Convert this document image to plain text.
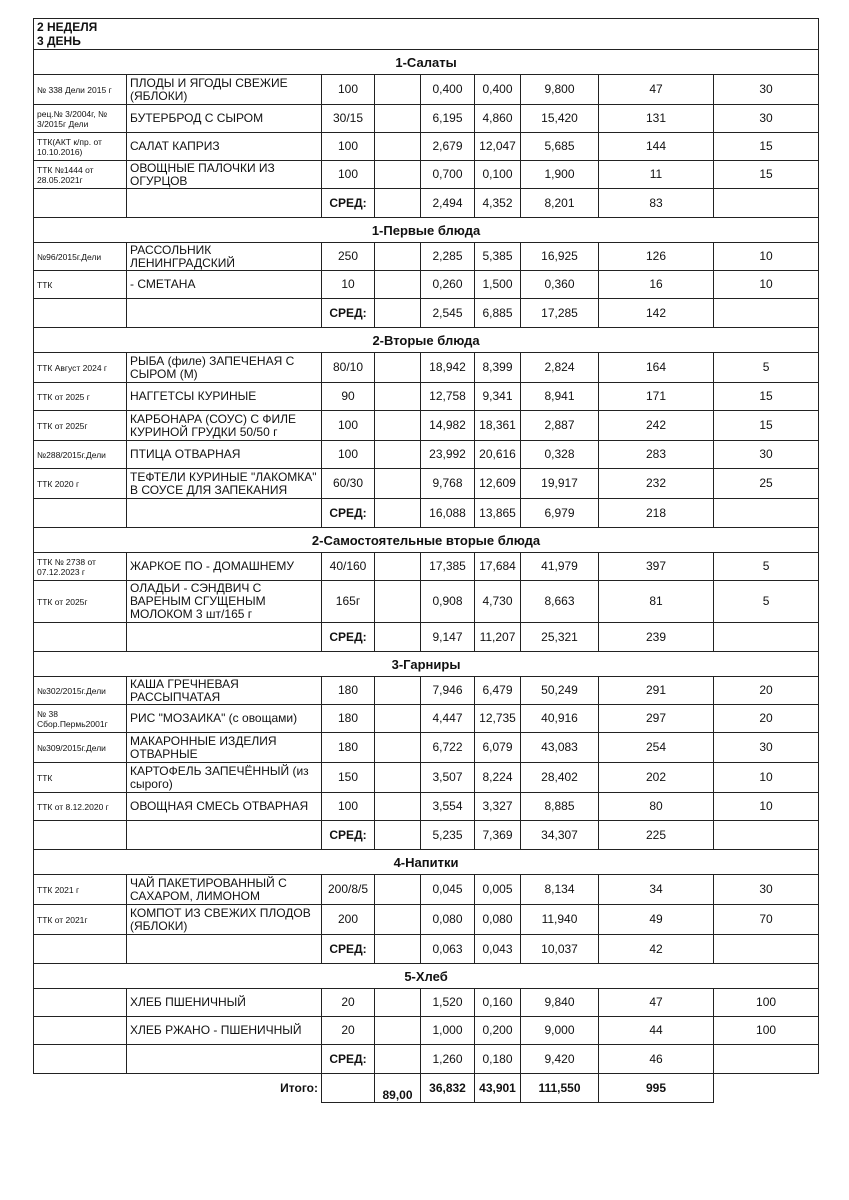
2 НЕДЕЛЯ
3 ДЕНЬ								

1-Салаты								
№ 338 Дели 2015 г	ПЛОДЫ И ЯГОДЫ СВЕЖИЕ (ЯБЛОКИ)	100		0,400	0,400	9,800	47	30
рец.№ 3/2004г, № 3/2015г Дели	БУТЕРБРОД С СЫРОМ	30/15		6,195	4,860	15,420	131	30
ТТК(АКТ к/пр. от 10.10.2016)	САЛАТ КАПРИЗ	100		2,679	12,047	5,685	144	15
ТТК №1444 от 28.05.2021г	ОВОЩНЫЕ ПАЛОЧКИ ИЗ ОГУРЦОВ	100		0,700	0,100	1,900	11	15
		СРЕД:		2,494	4,352	8,201	83	
1-Первые блюда								
№96/2015г.Дели	РАССОЛЬНИК ЛЕНИНГРАДСКИЙ	250		2,285	5,385	16,925	126	10
ТТК	- СМЕТАНА	10		0,260	1,500	0,360	16	10
		СРЕД:		2,545	6,885	17,285	142	
2-Вторые блюда								
ТТК Август 2024 г	РЫБА (филе) ЗАПЕЧЕНАЯ С СЫРОМ (М)	80/10		18,942	8,399	2,824	164	5
ТТК от 2025 г	НАГГЕТСЫ КУРИНЫЕ	90		12,758	9,341	8,941	171	15
ТТК от 2025г	КАРБОНАРА (СОУС) С ФИЛЕ КУРИНОЙ ГРУДКИ 50/50 г	100		14,982	18,361	2,887	242	15
№288/2015г.Дели	ПТИЦА ОТВАРНАЯ	100		23,992	20,616	0,328	283	30
ТТК 2020 г	ТЕФТЕЛИ КУРИНЫЕ "ЛАКОМКА" В СОУСЕ ДЛЯ ЗАПЕКАНИЯ	60/30		9,768	12,609	19,917	232	25
		СРЕД:		16,088	13,865	6,979	218	
2-Самостоятельные вторые блюда								
ТТК № 2738 от 07.12.2023 г	ЖАРКОЕ ПО - ДОМАШНЕМУ	40/160		17,385	17,684	41,979	397	5
ТТК от 2025г	ОЛАДЬИ - СЭНДВИЧ С ВАРЕНЫМ СГУЩЕНЫМ МОЛОКОМ 3 шт/165 г	165г		0,908	4,730	8,663	81	5
		СРЕД:		9,147	11,207	25,321	239	
3-Гарниры								
№302/2015г.Дели	КАША ГРЕЧНЕВАЯ РАССЫПЧАТАЯ	180		7,946	6,479	50,249	291	20
№ 38 Сбор.Пермь2001г	РИС "МОЗАИКА" (с овощами)	180		4,447	12,735	40,916	297	20
№309/2015г.Дели	МАКАРОННЫЕ ИЗДЕЛИЯ ОТВАРНЫЕ	180		6,722	6,079	43,083	254	30
ТТК	КАРТОФЕЛЬ ЗАПЕЧЁННЫЙ (из сырого)	150		3,507	8,224	28,402	202	10
ТТК от 8.12.2020 г	ОВОЩНАЯ СМЕСЬ ОТВАРНАЯ	100		3,554	3,327	8,885	80	10
		СРЕД:		5,235	7,369	34,307	225	
4-Напитки								
ТТК 2021 г	ЧАЙ ПАКЕТИРОВАННЫЙ С САХАРОМ, ЛИМОНОМ	200/8/5		0,045	0,005	8,134	34	30
ТТК от 2021г	КОМПОТ ИЗ СВЕЖИХ ПЛОДОВ (ЯБЛОКИ)	200		0,080	0,080	11,940	49	70
		СРЕД:		0,063	0,043	10,037	42	
5-Хлеб								
	ХЛЕБ ПШЕНИЧНЫЙ	20		1,520	0,160	9,840	47	100
	ХЛЕБ РЖАНО - ПШЕНИЧНЫЙ	20		1,000	0,200	9,000	44	100
		СРЕД:		1,260	0,180	9,420	46	
Итого:			89,00	36,832	43,901	111,550	995	
